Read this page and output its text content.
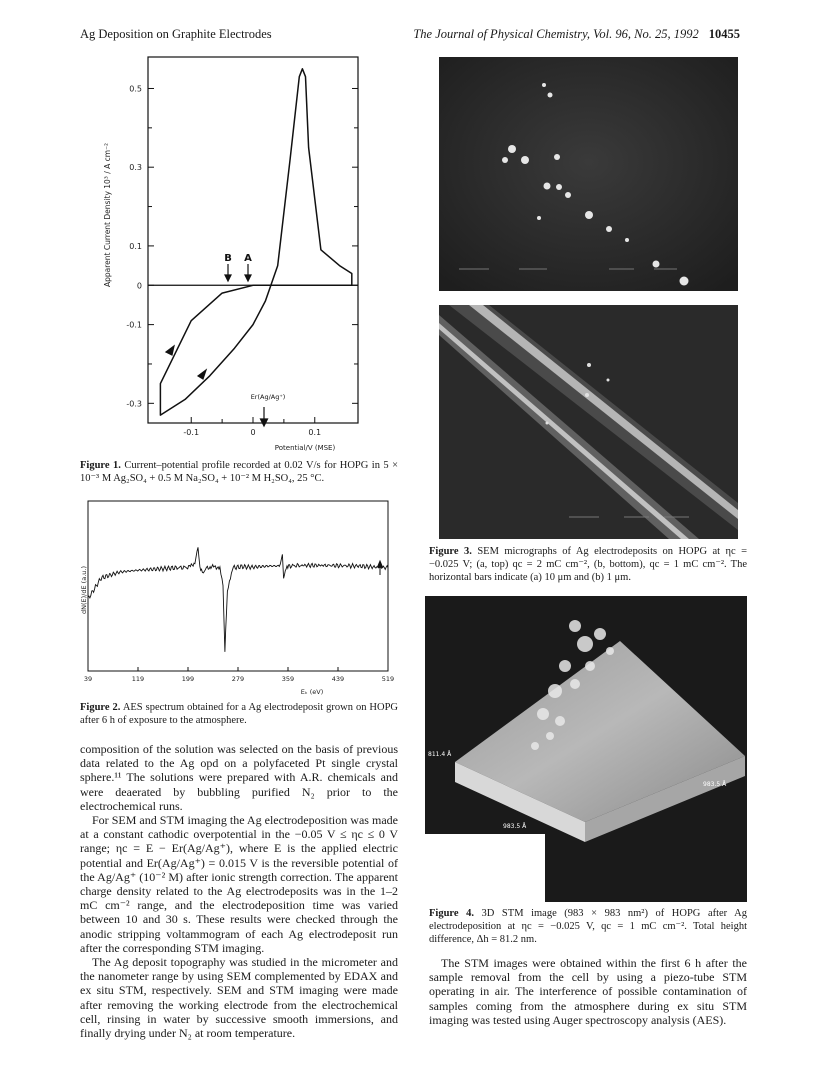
Ag Deposition on Graphite Electrodes	The Journal of Physical Chemistry, Vol. 96, No. 25, 1992 10455
0.5
0.3
0.1
0
-0.1
-0.3
-0.1	0	0.1
Apparent Current Density 10³ / A cm⁻²
Potential/V (MSE)
B A
Er(Ag/Ag⁺)
Figure 1. Current–potential profile recorded at 0.02 V/s for HOPG in 5 × 10⁻³ M Ag₂SO₄ + 0.5 M Na₂SO₄ + 10⁻² M H₂SO₄, 25 °C.
39	119	199	279	359	439	519
dN(E)/dE (a.u.)
Eₖ (eV)
Figure 2. AES spectrum obtained for a Ag electrodeposit grown on HOPG after 6 h of exposure to the atmosphere.

composition of the solution was selected on the basis of previous data related to the Ag opd on a polyfaceted Pt single crystal sphere.¹¹ The solutions were prepared with A.R. chemicals and were deaerated by bubbling purified N₂ prior to the electrochemical runs.

For SEM and STM imaging the Ag electrodeposition was made at a constant cathodic overpotential in the −0.05 V ≤ ηc ≤ 0 V range; ηc = E − Er(Ag/Ag⁺), where E is the applied electric potential and Er(Ag/Ag⁺) = 0.015 V is the reversible potential of the Ag/Ag⁺ (10⁻² M) after ionic strength correction. The apparent charge density related to the Ag electrodeposits was in the 1–2 mC cm⁻² range, and the electrodeposition time was varied between 10 and 30 s. These results were checked through the anodic stripping voltammogram of each Ag electrodeposit run after the corresponding STM imaging.

The Ag deposit topography was studied in the micrometer and the nanometer range by using SEM complemented by EDAX and ex situ STM, respectively. SEM and STM imaging were made after removing the working electrode from the electrochemical cell, rinsing in water by successive smooth immersions, and finally drying under N₂ at room temperature.

Figure 3. SEM micrographs of Ag electrodeposits on HOPG at ηc = −0.025 V; (a, top) qc = 2 mC cm⁻², (b, bottom), qc = 1 mC cm⁻². The horizontal bars indicate (a) 10 μm and (b) 1 μm.
811.4 Å
983.5 Å
983.5 Å
Figure 4. 3D STM image (983 × 983 nm²) of HOPG after Ag electrodeposition at ηc = −0.025 V, qc = 1 mC cm⁻². Total height difference, Δh = 81.2 nm.

The STM images were obtained within the first 6 h after the sample removal from the cell by using a piezo-tube STM operating in air. The interference of possible contamination of samples coming from the atmosphere during ex situ STM imaging was tested using Auger spectroscopy analysis (AES).
